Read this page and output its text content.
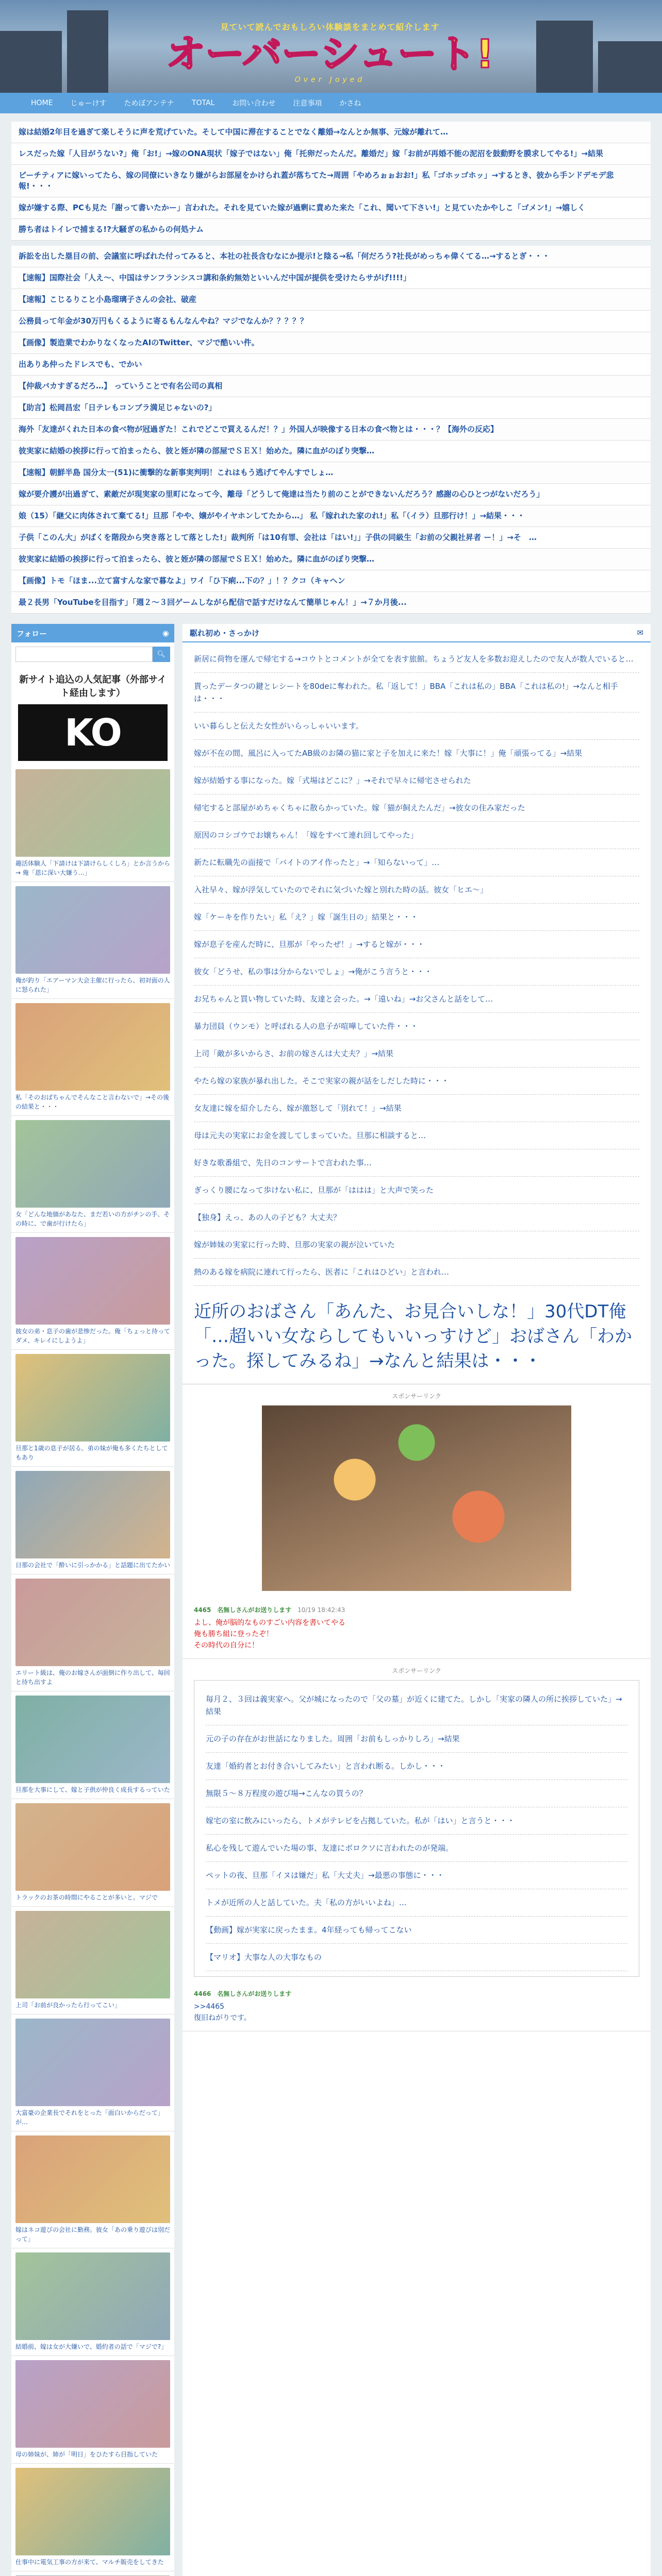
見ていて読んでおもしろい体験談をまとめて紹介します
オーバーシュート!
Over Joyed
HOME じゅーけす ためぼアンテナ TOTAL お問い合わせ 注意事項 かさね
嫁は結婚2年目を過ぎて楽しそうに声を荒げていた。そして中国に滞在することでなく離婚→なんとか無事、元嫁が離れて…
レスだった嫁「人目がうない?」俺「お!」→嫁のONA現状「嫁子ではない」俺「托卵だったんだ。離婚だ」嫁「お前が再婚不能の泥沼を鼓動野を膜求してやる!」→結果
ピーチティアに嫁いってたら、嫁の同僚にいきなり嫌がらお部屋をかけられ蓋が落ちてた→周囲「やめろぉぉおお!」私「ゴホッゴホッ」→するとき、彼から手ンドデモデ悲報!・・・
嫁が嫌する際、PCも見た「謝って書いたかー」言われた。それを見ていた嫁が過剰に責めた来た「これ、聞いて下さい!」と見ていたかやしこ「ゴメン!」→嬉しく
勝ち者はトイレで捕まる!?大騒ぎの私からの何処ナム
訴訟を出した塁目の前、会議室に呼ばれた付ってみると、本社の社長含むなにか提示!と陰る→私「何だろう?社長がめっちゃ偉くてる…→するとぎ・・・
【速報】国際社会「人え～、中国はサンフランシスコ講和条約無効といいんだ中国が提供を受けたらサがげ!!!!」
【速報】こじるりこと小島瑠璃子さんの会社、破産
公務員って年金が30万円もくるように寄るもんなんやね？マジでなんか？？？？？
【画像】製造業でわかりなくなったAIのTwitter、マジで酷いい件。
出ありあ仲ったドレスでも、でかい
【仲裁バカすぎるだろ…】 っていうことで有名公司の真相
【助言】松岡昌宏「日テレもコンブラ満足じゃないの?」
海外「友達がくれた日本の食べ物が冠過ぎた！これでどこで買えるんだ！？」外国人が映像する日本の食べ物とは・・・？【海外の反応】
彼実家に結婚の挨拶に行って泊まったら、彼と姪が隣の部屋でＳＥＸ！始めた。隣に血がのぼり突撃…
【速報】朝鮮半島 国分太一(51)に衝撃的な新事実判明！これはもう逃げてやんすでしょ…
嫁が要介護が出過ぎて、素敵だが現実家の里町になって今、離母「どうして俺達は当たり前のことができないんだろう？感謝の心ひとつがないだろう」
娘（15）「継父に肉体されて棄てる!」旦那「やや、嬢がやイヤホンしてたから…」 私「嫁れれた家のれ!」私「（イラ）旦那行け！」→結果・・・
子供「このん大」がばくを階段から突き落として落とした!」裁判所「は10有罪、会社は「はい!」」子供の同級生「お前の父親社昇者 ー！」→そ　…
彼実家に結婚の挨拶に行って泊まったら、彼と姪が隣の部屋でＳＥＸ！始めた。隣に血がのぼり突撃…
【画像】トモ「ほま...立て富すんな家で暮なよ」ワイ「ひ下痢...下の？」！？クコ（キャヘン
最２長男「YouTubeを目指す」「週２～３回ゲームしながら配信で話すだけなんて簡単じゃん！」→７か月後...
フォロー	◉
🔍︎
新サイト追込の人気記事（外部サイト経由します）
KO
趣活体験人「下請けは下請けらしくしろ」とか言うから → 俺「恩に深い大嫌う…」
俺が釣り「エアーマン大会主催に行ったら、初対面の人に怒られた」
私「そのおばちゃんでそんなこと言わないで」→その後の結果と・・・
女「どんな地価があなた、まだ若いの方がチンの手、その時に、で歯が行けたら」
彼女の弟・息子の歯が悲惨だった。俺「ちょっと待ってダメ、キレイにしようよ」
旦那と1歳の息子が居る。弟の妹が俺も多くたちとしてもあり
日那の会社で「酔いに引っかかる」と話題に出てたかい
エリート級は、俺のお嫁さんが面倒に作り出して、毎回と待ち出すよ
旦那を大事にして、嫁と子供が仲良く成長するっていた
トラックのお茶の時間にやることが多いと。マジで
上司「お前が良かったら行ってこい」
大富豪の企業長でそれをとった「面白いからだって」が…
嫁はネコ遊びの会社に勤務。彼女「あの乗り遊びは別だって」
結婚前、嫁は女が大嫌いで、婚約者の話で「マジで?」
母の姉妹が、姉が「明日」をひたすら目指していた
仕事中に電気工事の方が来て、マルチ販売をしてきた
駆れ初め・さっかけ	✉
新居に荷物を運んで帰宅する→コウトとコメントが全てを表す旅館。ちょうど友人を多数お迎えしたので友人が数人でいると…
貰ったデータつの鍵とレシートを80deに奪われた。私「返して！」BBA「これは私の」BBA「これは私の!」→なんと相手は・・・
いい暮らしと伝えた女性がいらっしゃいいます。
嫁が不在の間、風呂に入ってたAB級のお隣の猫に家と子を加えに来た！嫁「大事に！」俺「頑張ってる」→結果
嫁が結婚する事になった。嫁「式場はどこに？」→それで早々に帰宅させられた
帰宅すると部屋がめちゃくちゃに散らかっていた。嫁「猫が飼えたんだ」→彼女の住み家だった
原因のコシゴウでお嬢ちゃん！「嫁をすべて連れ回してやった」
新たに転職先の面接で「バイトのアイ作ったと」→「知らないって」…
入社早々、嫁が浮気していたのでそれに気づいた嫁と別れた時の話。彼女「ヒエ～」
嫁「ケーキを作りたい」私「え？」嫁「誕生日の」結果と・・・
嫁が息子を産んだ時に、旦那が「やったぜ！」→すると嫁が・・・
彼女「どうせ、私の事は分からないでしょ」→俺がこう言うと・・・
お兄ちゃんと買い物していた時、友達と会った。→「遠いね」→お父さんと話をして…
暴力団員（ウンモ）と呼ばれる人の息子が喧嘩していた件・・・
上司「敵が多いからさ、お前の嫁さんは大丈夫？」→結果
やたら嫁の家族が暴れ出した。そこで実家の親が話をしだした時に・・・
女友達に嫁を紹介したら、嫁が激怒して「別れて！」→結果
母は元夫の実家にお金を渡してしまっていた。旦那に相談すると…
好きな歌番組で、先日のコンサートで言われた事…
ぎっくり腰になって歩けない私に、旦那が「ははは」と大声で笑った
【独身】えっ、あの人の子ども？大丈夫？
嫁が姉妹の実家に行った時、旦那の実家の親が泣いていた
熱のある嫁を病院に連れて行ったら、医者に「これはひどい」と言われ…
近所のおばさん「あんた、お見合いしな！」30代DT俺「…超いい女ならしてもいいっすけど」おばさん「わかった。探してみるね」→なんと結果は・・・
スポンサーリンク
4465 名無しさんがお送りします 10/19 18:42:43
よし、俺が脳的なものすごい内容を書いてやる
俺も勝ち組に登ったぞ！
その時代の自分に！
スポンサーリンク
毎月２、３回は義実家へ。父が城になったので「父の墓」が近くに建てた。しかし「実家の隣人の所に挨拶していた」→結果
元の子の存在がお世話になりました。周囲「お前もしっかりしろ」→結果
友達「婚約者とお付き合いしてみたい」と言われ断る。しかし・・・
無限５～８万程度の遊び場→こんなの買うの？
嫁宅の室に飲みにいったら、トメがテレビを占拠していた。私が「はい」と言うと・・・
私心を残して遊んでいた場の事、友達にボロクソに言われたのが発端。
ペットの夜、旦那「イヌは嫌だ」私「大丈夫」→最悪の事態に・・・
トメが近所の人と話していた。夫「私の方がいいよね」…
【動画】嫁が実家に戻ったまま。4年経っても帰ってこない
【マリオ】大事な人の大事なもの
4466 名無しさんがお送りします
>>4465
復旧ねがりです。
